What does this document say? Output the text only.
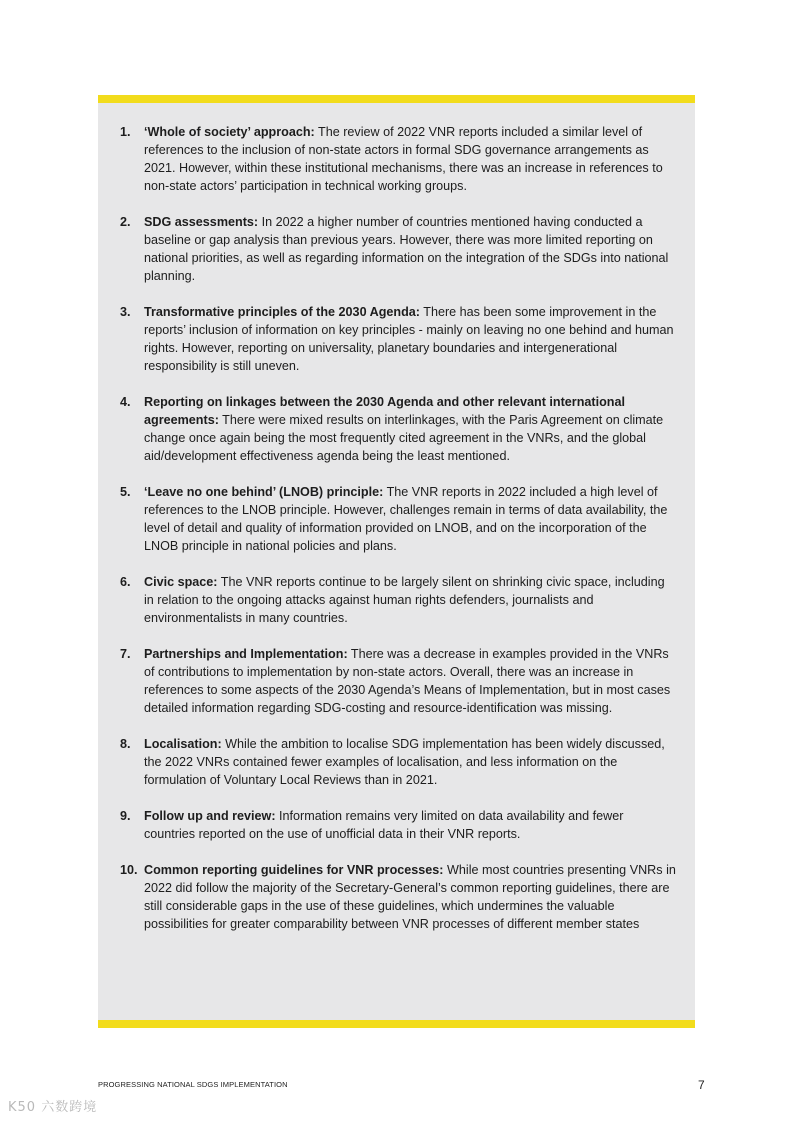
1. ‘Whole of society’ approach: The review of 2022 VNR reports included a similar level of references to the inclusion of non-state actors in formal SDG governance arrangements as 2021. However, within these institutional mechanisms, there was an increase in references to non-state actors’ participation in technical working groups.
2. SDG assessments: In 2022 a higher number of countries mentioned having conducted a baseline or gap analysis than previous years. However, there was more limited reporting on national priorities, as well as regarding information on the integration of the SDGs into national planning.
3. Transformative principles of the 2030 Agenda: There has been some improvement in the reports’ inclusion of information on key principles - mainly on leaving no one behind and human rights. However, reporting on universality, planetary boundaries and intergenerational responsibility is still uneven.
4. Reporting on linkages between the 2030 Agenda and other relevant international agreements: There were mixed results on interlinkages, with the Paris Agreement on climate change once again being the most frequently cited agreement in the VNRs, and the global aid/development effectiveness agenda being the least mentioned.
5. ‘Leave no one behind’ (LNOB) principle: The VNR reports in 2022 included a high level of references to the LNOB principle. However, challenges remain in terms of data availability, the level of detail and quality of information provided on LNOB, and on the incorporation of the LNOB principle in national policies and plans.
6. Civic space: The VNR reports continue to be largely silent on shrinking civic space, including in relation to the ongoing attacks against human rights defenders, journalists and environmentalists in many countries.
7. Partnerships and Implementation: There was a decrease in examples provided in the VNRs of contributions to implementation by non-state actors. Overall, there was an increase in references to some aspects of the 2030 Agenda’s Means of Implementation, but in most cases detailed information regarding SDG-costing and resource-identification was missing.
8. Localisation: While the ambition to localise SDG implementation has been widely discussed, the 2022 VNRs contained fewer examples of localisation, and less information on the formulation of Voluntary Local Reviews than in 2021.
9. Follow up and review: Information remains very limited on data availability and fewer countries reported on the use of unofficial data in their VNR reports.
10. Common reporting guidelines for VNR processes: While most countries presenting VNRs in 2022 did follow the majority of the Secretary-General’s common reporting guidelines, there are still considerable gaps in the use of these guidelines, which undermines the valuable possibilities for greater comparability between VNR processes of different member states
PROGRESSING NATIONAL SDGS IMPLEMENTATION	7
K50 六数跨境
